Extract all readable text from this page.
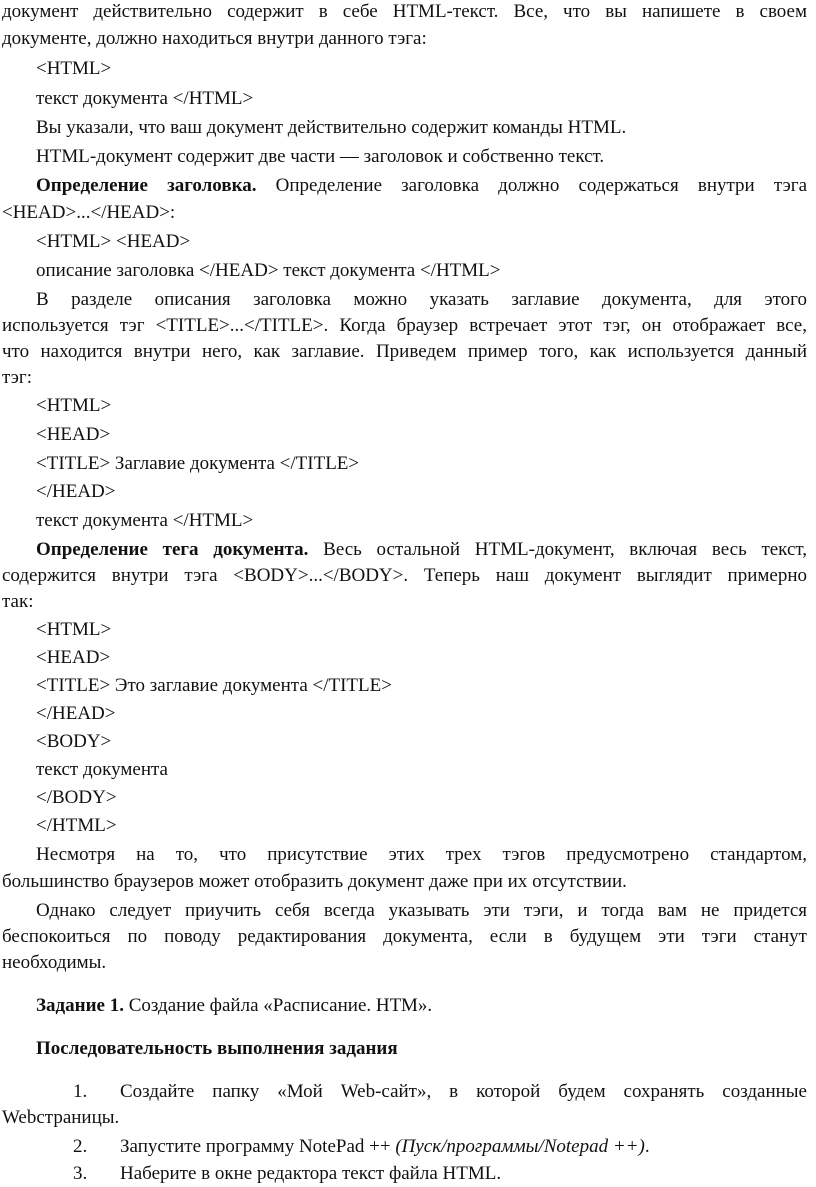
документ действительно содержит в себе HTML-текст. Все, что вы напишете в своем
документе, должно находиться внутри данного тэга:
<HTML>
текст документа </HTML>
Вы указали, что ваш документ действительно содержит команды HTML.
HTML-документ содержит две части — заголовок и собственно текст.
Определение заголовка. Определение заголовка должно содержаться внутри тэга
<HEAD>...</HEAD>:
<HTML> <HEAD>
описание заголовка </HEAD> текст документа </HTML>
В разделе описания заголовка можно указать заглавие документа, для этого
используется тэг <TITLE>...</TITLE>. Когда браузер встречает этот тэг, он отображает все,
что находится внутри него, как заглавие. Приведем пример того, как используется данный
тэг:
<HTML>
<HEAD>
<TITLE> Заглавие документа </TITLE>
</HEAD>
текст документа </HTML>
Определение тега документа. Весь остальной HTML-документ, включая весь текст,
содержится внутри тэга <BODY>...</BODY>. Теперь наш документ выглядит примерно
так:
<HTML>
<HEAD>
<TITLE> Это заглавие документа </TITLE>
</HEAD>
<BODY>
текст документа
</BODY>
</HTML>
Несмотря на то, что присутствие этих трех тэгов предусмотрено стандартом,
большинство браузеров может отобразить документ даже при их отсутствии.
Однако следует приучить себя всегда указывать эти тэги, и тогда вам не придется
беспокоиться по поводу редактирования документа, если в будущем эти тэги станут
необходимы.
Задание 1. Создание файла «Расписание. НТМ».
Последовательность выполнения задания
1. Создайте папку «Мой Web-сайт», в которой будем сохранять созданные
Webстраницы.
2. Запустите программу NotePad ++ (Пуск/программы/Notepad ++).
3. Наберите в окне редактора текст файла HTML.
